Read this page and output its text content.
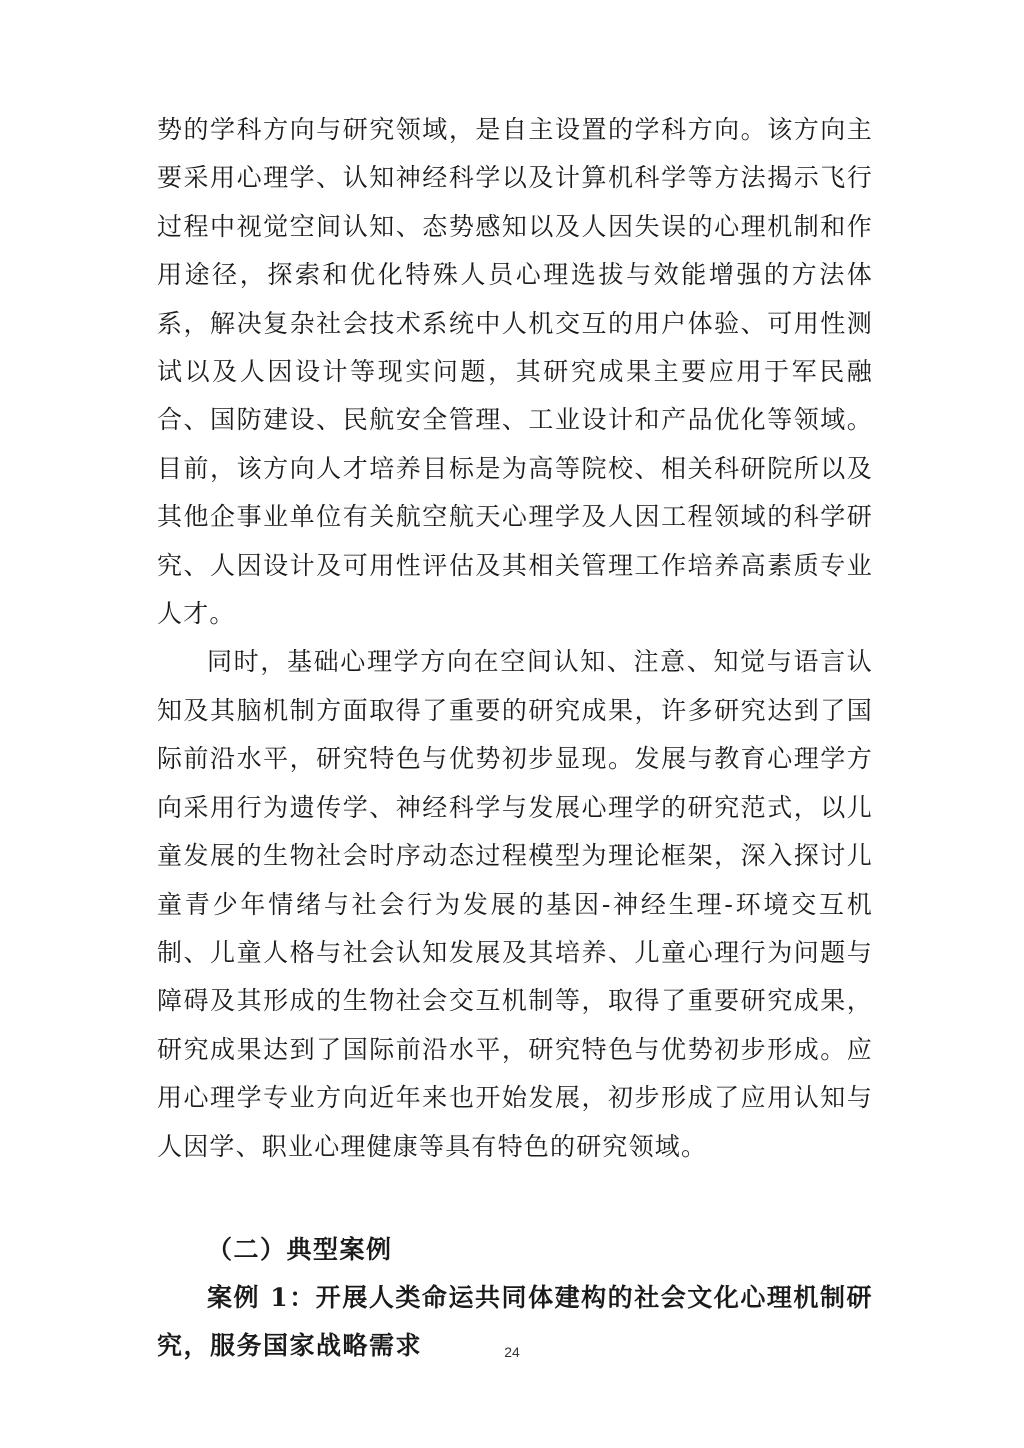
势的学科方向与研究领域，是自主设置的学科方向。该方向主要采用心理学、认知神经科学以及计算机科学等方法揭示飞行过程中视觉空间认知、态势感知以及人因失误的心理机制和作用途径，探索和优化特殊人员心理选拔与效能增强的方法体系，解决复杂社会技术系统中人机交互的用户体验、可用性测试以及人因设计等现实问题，其研究成果主要应用于军民融合、国防建设、民航安全管理、工业设计和产品优化等领域。目前，该方向人才培养目标是为高等院校、相关科研院所以及其他企事业单位有关航空航天心理学及人因工程领域的科学研究、人因设计及可用性评估及其相关管理工作培养高素质专业人才。

同时，基础心理学方向在空间认知、注意、知觉与语言认知及其脑机制方面取得了重要的研究成果，许多研究达到了国际前沿水平，研究特色与优势初步显现。发展与教育心理学方向采用行为遗传学、神经科学与发展心理学的研究范式，以儿童发展的生物社会时序动态过程模型为理论框架，深入探讨儿童青少年情绪与社会行为发展的基因-神经生理-环境交互机制、儿童人格与社会认知发展及其培养、儿童心理行为问题与障碍及其形成的生物社会交互机制等，取得了重要研究成果，研究成果达到了国际前沿水平，研究特色与优势初步形成。应用心理学专业方向近年来也开始发展，初步形成了应用认知与人因学、职业心理健康等具有特色的研究领域。

（二）典型案例

案例 1：开展人类命运共同体建构的社会文化心理机制研究，服务国家战略需求	24
